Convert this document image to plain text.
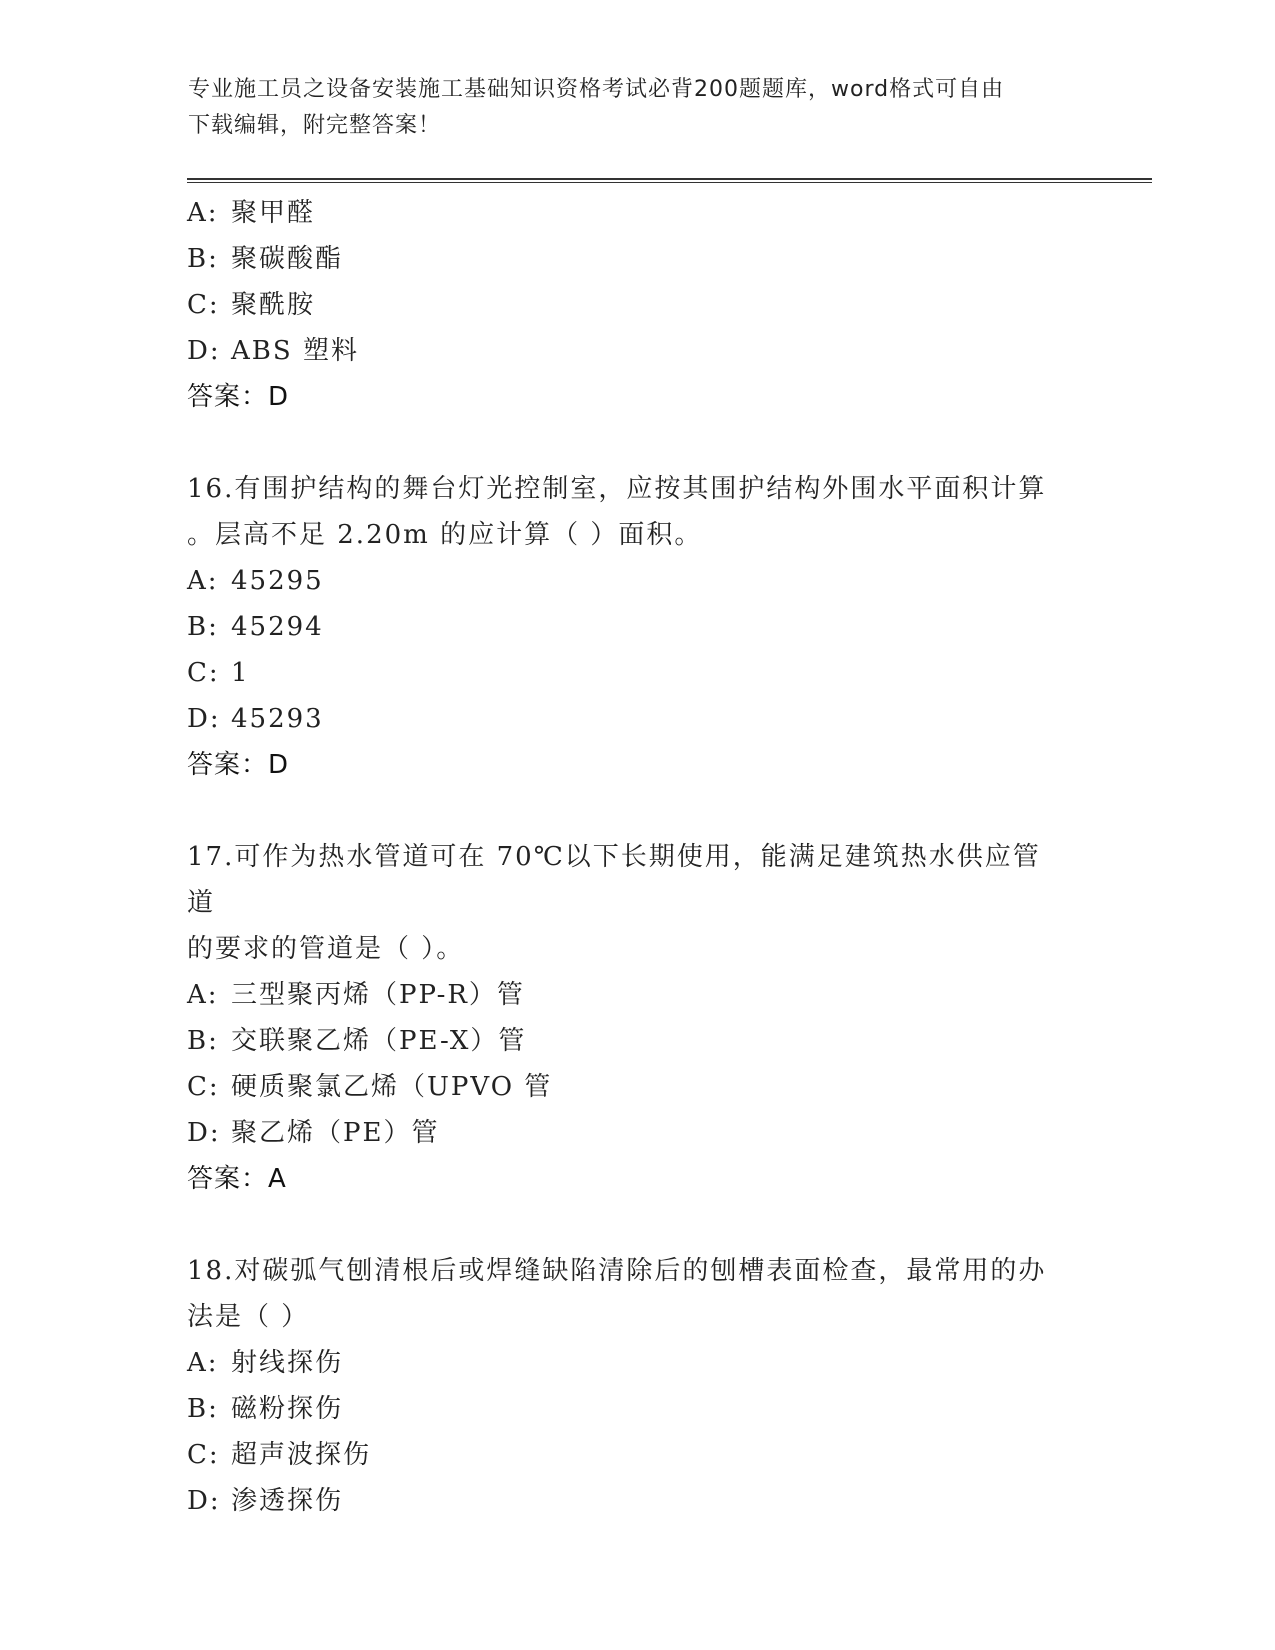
专业施工员之设备安装施工基础知识资格考试必背200题题库，word格式可自由
下载编辑，附完整答案！
A: 聚甲醛
B: 聚碳酸酯
C: 聚酰胺
D: ABS 塑料
答案：D
16.有围护结构的舞台灯光控制室，应按其围护结构外围水平面积计算
。层高不足 2.20m 的应计算（ ）面积。
A: 45295
B: 45294
C: 1
D: 45293
答案：D
17.可作为热水管道可在 70℃以下长期使用，能满足建筑热水供应管道
的要求的管道是（ ）。
A: 三型聚丙烯（PP-R）管
B: 交联聚乙烯（PE-X）管
C: 硬质聚氯乙烯（UPVO 管
D: 聚乙烯（PE）管
答案：A
18.对碳弧气刨清根后或焊缝缺陷清除后的刨槽表面检查，最常用的办
法是（ ）
A: 射线探伤
B: 磁粉探伤
C: 超声波探伤
D: 渗透探伤
